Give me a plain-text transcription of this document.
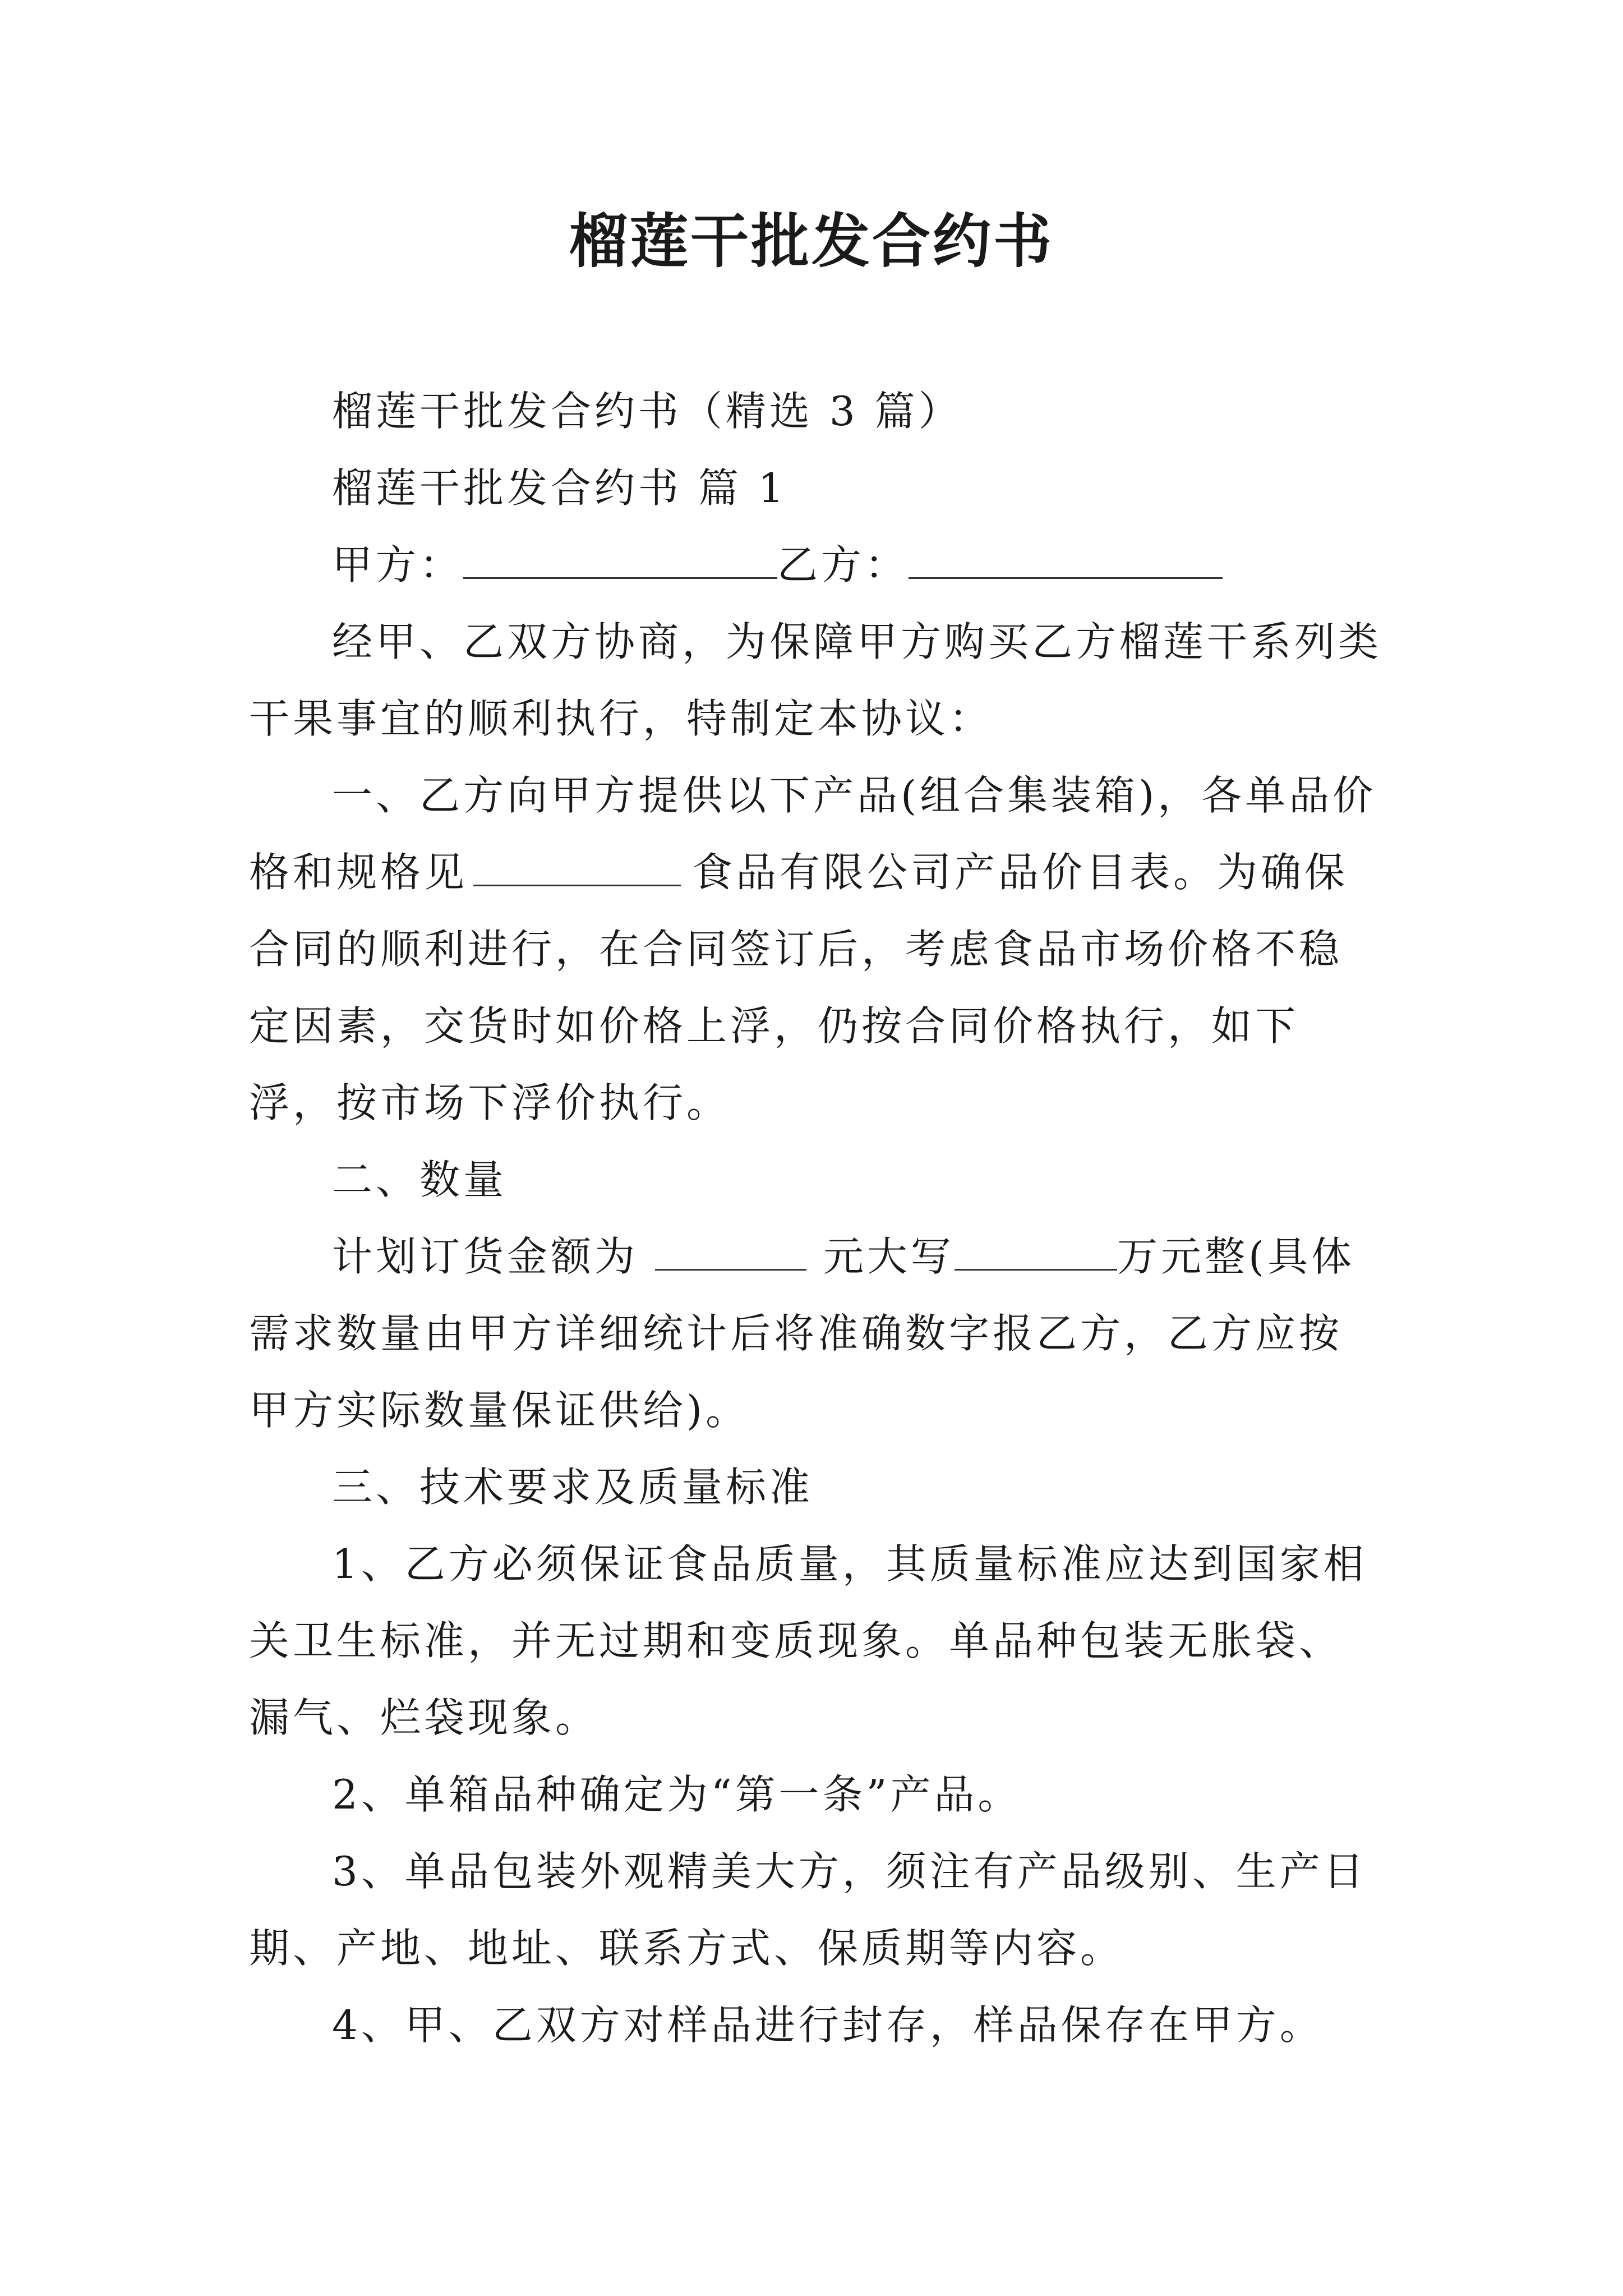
榴莲干批发合约书

榴莲干批发合约书（精选 3 篇）

榴莲干批发合约书 篇 1

甲方：	乙方：

经甲、乙双方协商，为保障甲方购买乙方榴莲干系列类干果事宜的顺利执行，特制定本协议：

一、乙方向甲方提供以下产品(组合集装箱)，各单品价格和规格见	食品有限公司产品价目表。为确保合同的顺利进行，在合同签订后，考虑食品市场价格不稳定因素，交货时如价格上浮，仍按合同价格执行，如下浮，按市场下浮价执行。

二、数量

计划订货金额为	元大写	万元整(具体需求数量由甲方详细统计后将准确数字报乙方，乙方应按甲方实际数量保证供给)。

三、技术要求及质量标准

1、乙方必须保证食品质量，其质量标准应达到国家相关卫生标准，并无过期和变质现象。单品种包装无胀袋、漏气、烂袋现象。

2、单箱品种确定为“第一条”产品。

3、单品包装外观精美大方，须注有产品级别、生产日期、产地、地址、联系方式、保质期等内容。

4、甲、乙双方对样品进行封存，样品保存在甲方。
